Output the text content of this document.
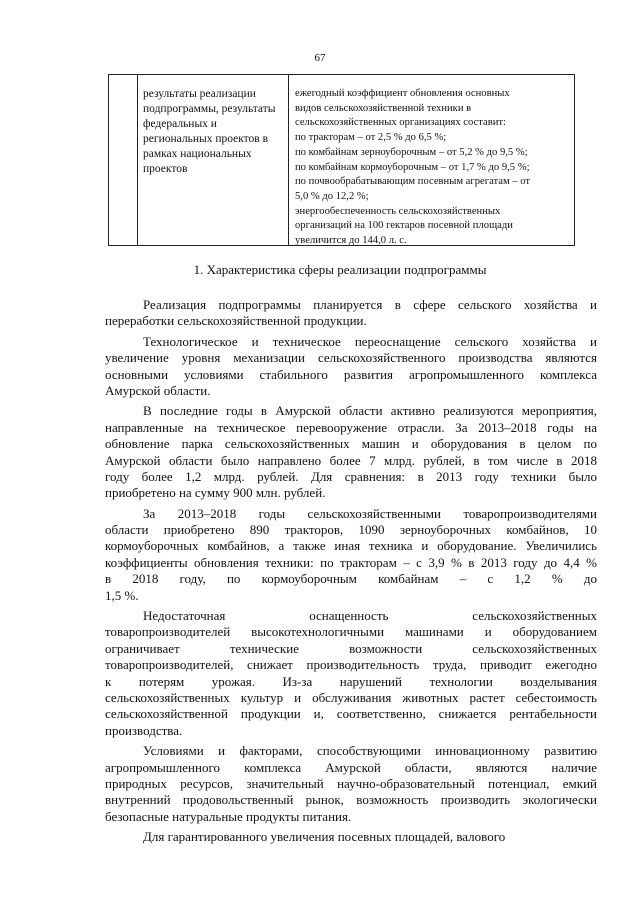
67
результаты реализации
подпрограммы, результаты
федеральных и
региональных проектов в
рамках национальных
проектов
ежегодный коэффициент обновления основных
видов сельскохозяйственной техники в
сельскохозяйственных организациях составит:
по тракторам – от 2,5 % до 6,5 %;
по комбайнам зерноуборочным – от 5,2 % до 9,5 %;
по комбайнам кормоуборочным – от 1,7 % до 9,5 %;
по почвообрабатывающим посевным агрегатам – от
5,0 % до 12,2 %;
энергообеспеченность сельскохозяйственных
организаций на 100 гектаров посевной площади
увеличится до 144,0 л. с.
1. Характеристика сферы реализации подпрограммы
Реализация подпрограммы планируется в сфере сельского хозяйства и
переработки сельскохозяйственной продукции.
Технологическое и техническое переоснащение сельского хозяйства и
увеличение уровня механизации сельскохозяйственного производства являются
основными условиями стабильного развития агропромышленного комплекса
Амурской области.
В последние годы в Амурской области активно реализуются мероприятия,
направленные на техническое перевооружение отрасли. За 2013–2018 годы на
обновление парка сельскохозяйственных машин и оборудования в целом по
Амурской области было направлено более 7 млрд. рублей, в том числе в 2018
году более 1,2 млрд. рублей. Для сравнения: в 2013 году техники было
приобретено на сумму 900 млн. рублей.
За 2013–2018 годы сельскохозяйственными товаропроизводителями
области приобретено 890 тракторов, 1090 зерноуборочных комбайнов, 10
кормоуборочных комбайнов, а также иная техника и оборудование. Увеличились
коэффициенты обновления техники: по тракторам – с 3,9 % в 2013 году до 4,4 %
в 2018 году, по кормоуборочным комбайнам – с 1,2 % до
1,5 %.
Недостаточная оснащенность сельскохозяйственных
товаропроизводителей высокотехнологичными машинами и оборудованием
ограничивает технические возможности сельскохозяйственных
товаропроизводителей, снижает производительность труда, приводит ежегодно
к потерям урожая. Из-за нарушений технологии возделывания
сельскохозяйственных культур и обслуживания животных растет себестоимость
сельскохозяйственной продукции и, соответственно, снижается рентабельности
производства.
Условиями и факторами, способствующими инновационному развитию
агропромышленного комплекса Амурской области, являются наличие
природных ресурсов, значительный научно-образовательный потенциал, емкий
внутренний продовольственный рынок, возможность производить экологически
безопасные натуральные продукты питания.
Для гарантированного увеличения посевных площадей, валового
